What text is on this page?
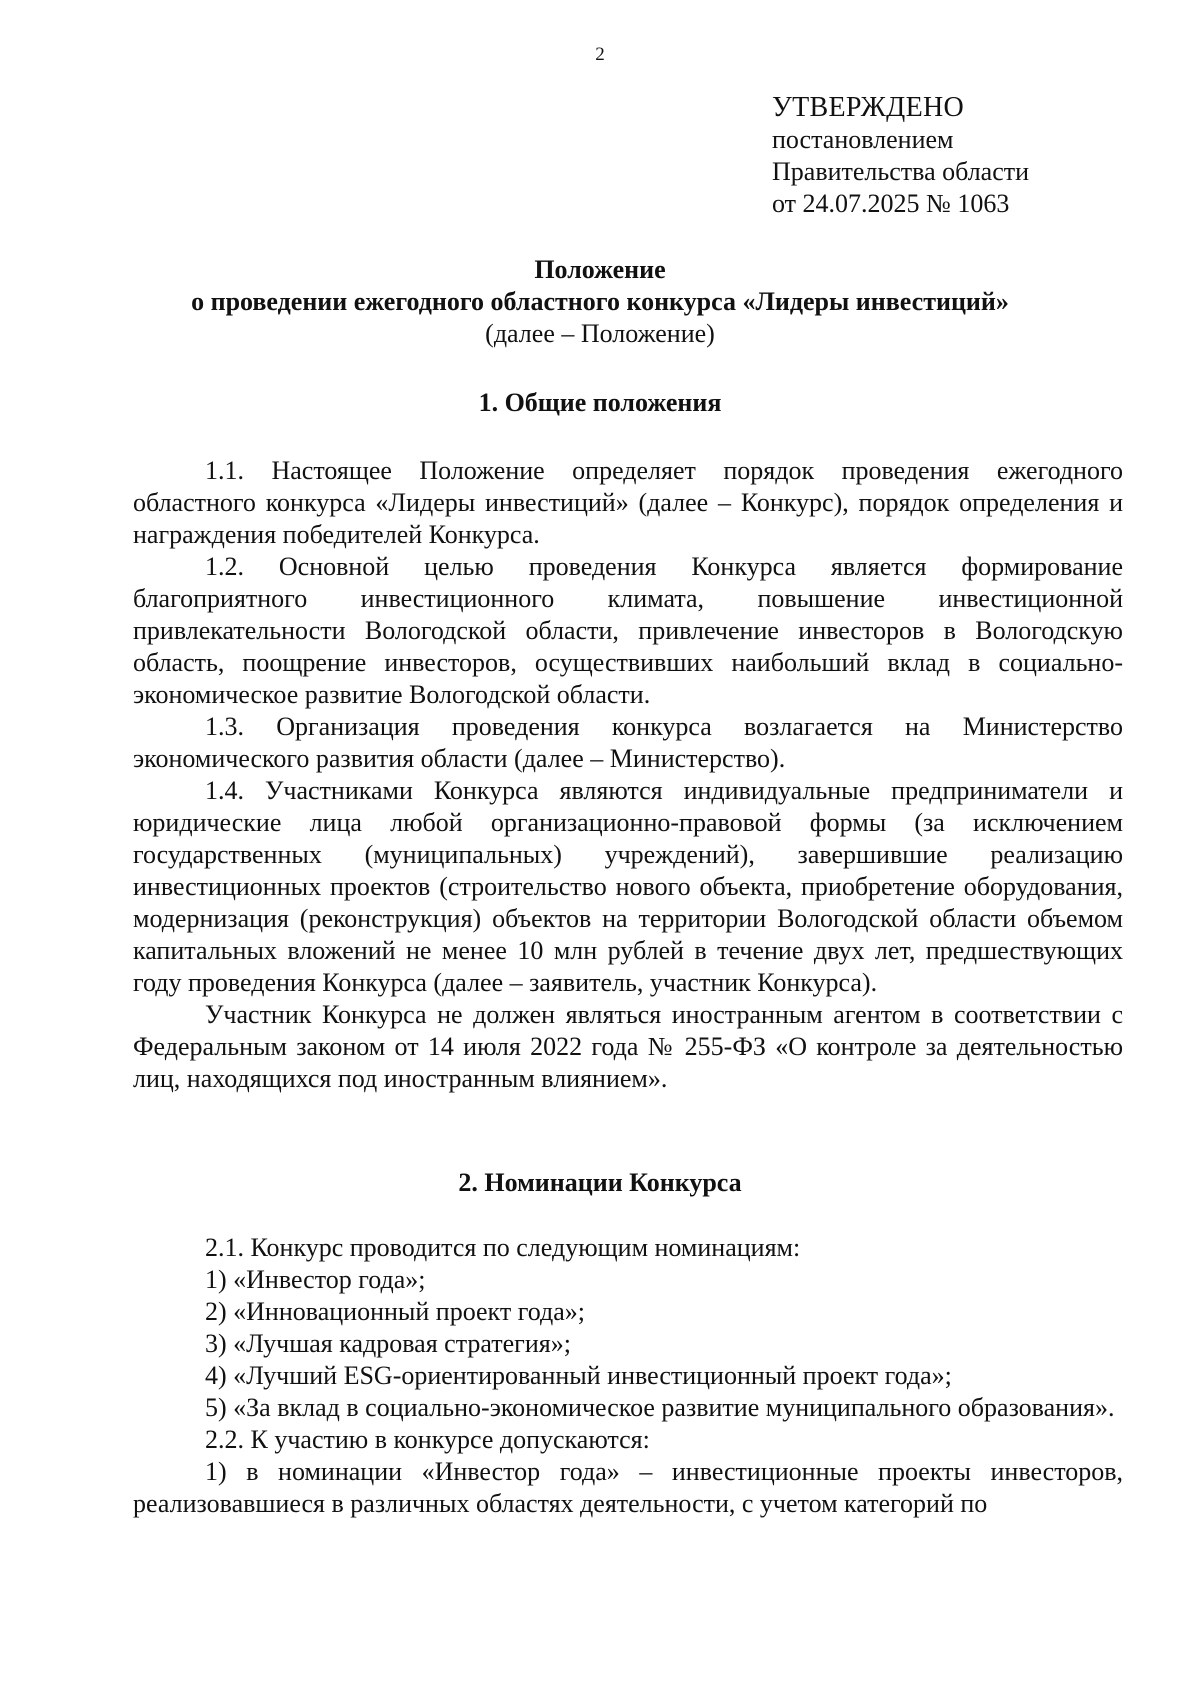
2
УТВЕРЖДЕНО
постановлением
Правительства области
от 24.07.2025 № 1063
Положение
о проведении ежегодного областного конкурса «Лидеры инвестиций»
(далее – Положение)
1. Общие положения

1.1. Настоящее Положение определяет порядок проведения ежегодного областного конкурса «Лидеры инвестиций» (далее – Конкурс), порядок определения и награждения победителей Конкурса.

1.2. Основной целью проведения Конкурса является формирование благоприятного инвестиционного климата, повышение инвестиционной привлекательности Вологодской области, привлечение инвесторов в Вологодскую область, поощрение инвесторов, осуществивших наибольший вклад в социально-экономическое развитие Вологодской области.

1.3. Организация проведения конкурса возлагается на Министерство экономического развития области (далее – Министерство).

1.4. Участниками Конкурса являются индивидуальные предприниматели и юридические лица любой организационно-правовой формы (за исключением государственных (муниципальных) учреждений), завершившие реализацию инвестиционных проектов (строительство нового объекта, приобретение оборудования, модернизация (реконструкция) объектов на территории Вологодской области объемом капитальных вложений не менее 10 млн рублей в течение двух лет, предшествующих году проведения Конкурса (далее – заявитель, участник Конкурса).

Участник Конкурса не должен являться иностранным агентом в соответствии с Федеральным законом от 14 июля 2022 года № 255-ФЗ «О контроле за деятельностью лиц, находящихся под иностранным влиянием».

2. Номинации Конкурса

2.1. Конкурс проводится по следующим номинациям:

1) «Инвестор года»;

2) «Инновационный проект года»;

3) «Лучшая кадровая стратегия»;

4) «Лучший ESG-ориентированный инвестиционный проект года»;

5) «За вклад в социально-экономическое развитие муниципального образования».

2.2. К участию в конкурсе допускаются:

1) в номинации «Инвестор года» – инвестиционные проекты инвесторов, реализовавшиеся в различных областях деятельности, с учетом категорий по
